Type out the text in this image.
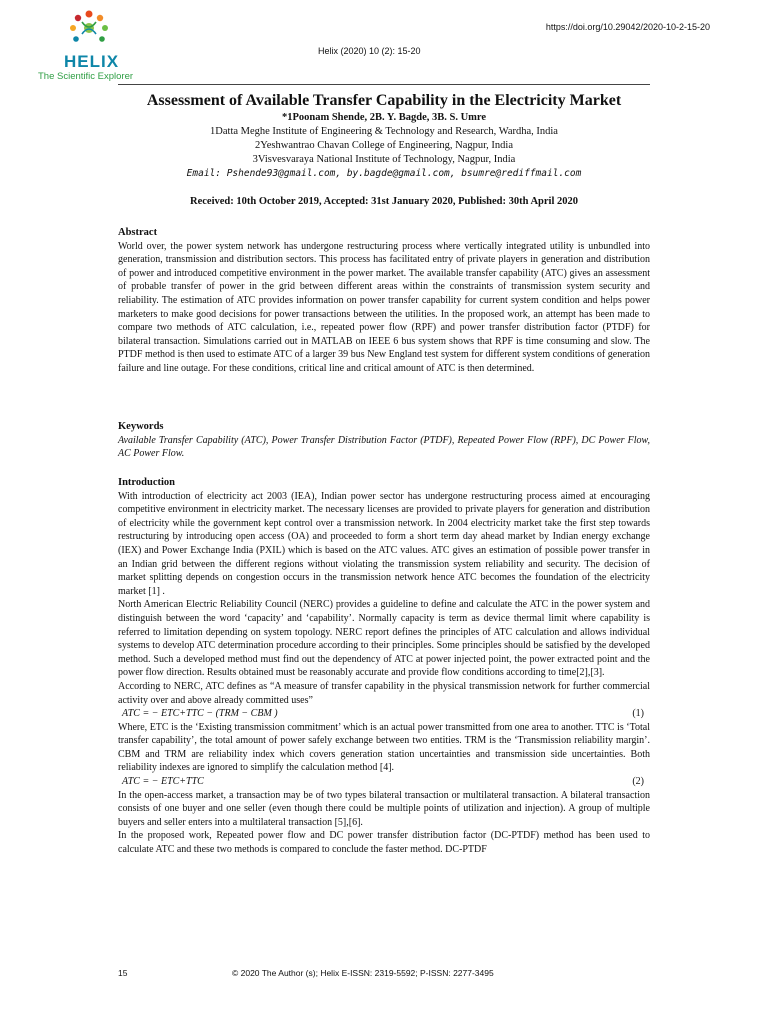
HELIX
The Scientific Explorer
https://doi.org/10.29042/2020-10-2-15-20
Helix (2020) 10 (2): 15-20
Assessment of Available Transfer Capability in the Electricity Market
*1Poonam Shende, 2B. Y. Bagde, 3B. S. Umre
1Datta Meghe Institute of Engineering & Technology and Research, Wardha, India
2Yeshwantrao Chavan College of Engineering, Nagpur, India
3Visvesvaraya National Institute of Technology, Nagpur, India
Email: Pshende93@gmail.com, by.bagde@gmail.com, bsumre@rediffmail.com
Received: 10th October 2019, Accepted: 31st January 2020, Published: 30th April 2020
Abstract

World over, the power system network has undergone restructuring process where vertically integrated utility is unbundled into generation, transmission and distribution sectors. This process has facilitated entry of private players in generation and distribution of power and introduced competitive environment in the power market. The available transfer capability (ATC) gives an assessment of probable transfer of power in the grid between different areas within the constraints of transmission system security and reliability. The estimation of ATC provides information on power transfer capability for current system condition and helps power marketers to make good decisions for power transactions between the utilities. In the proposed work, an attempt has been made to compare two methods of ATC calculation, i.e., repeated power flow (RPF) and power transfer distribution factor (PTDF) for bilateral transaction. Simulations carried out in MATLAB on IEEE 6 bus system shows that RPF is time consuming and slow. The PTDF method is then used to estimate ATC of a larger 39 bus New England test system for different system conditions of generation failure and line outage. For these conditions, critical line and critical amount of ATC is then determined.

Keywords

Available Transfer Capability (ATC), Power Transfer Distribution Factor (PTDF), Repeated Power Flow (RPF), DC Power Flow, AC Power Flow.

Introduction

With introduction of electricity act 2003 (IEA), Indian power sector has undergone restructuring process aimed at encouraging competitive environment in electricity market. The necessary licenses are provided to private players for generation and distribution of electricity while the government kept control over a transmission network. In 2004 electricity market take the first step towards restructuring by introducing open access (OA) and proceeded to form a short term day ahead market by Indian energy exchange (IEX) and Power Exchange India (PXIL) which is based on the ATC values. ATC gives an estimation of possible power transfer in an Indian grid between the different regions without violating the transmission system reliability and security. The decision of market splitting depends on congestion occurs in the transmission network hence ATC becomes the foundation of the electricity market [1] .

North American Electric Reliability Council (NERC) provides a guideline to define and calculate the ATC in the power system and distinguish between the word ‘capacity’ and ‘capability’. Normally capacity is term as device thermal limit where capability is referred to limitation depending on system topology. NERC report defines the principles of ATC calculation and allows individual systems to develop ATC determination procedure according to their principles. Some principles should be satisfied by the developed method. Such a developed method must find out the dependency of ATC at power injected point, the power extracted point and the power flow direction. Results obtained must be reasonably accurate and provide flow conditions according to time[2],[3].

According to NERC, ATC defines as “A measure of transfer capability in the physical transmission network for further commercial activity over and above already committed uses”

ATC = − ETC+TTC − (TRM − CBM )	(1)

Where, ETC is the ‘Existing transmission commitment’ which is an actual power transmitted from one area to another. TTC is ‘Total transfer capability’, the total amount of power safely exchange between two entities. TRM is the ‘Transmission reliability margin’. CBM and TRM are reliability index which covers generation station uncertainties and transmission side uncertainties. Both reliability indexes are ignored to simplify the calculation method [4].

ATC = − ETC+TTC	(2)

In the open-access market, a transaction may be of two types bilateral transaction or multilateral transaction. A bilateral transaction consists of one buyer and one seller (even though there could be multiple points of utilization and injection). A group of multiple buyers and seller enters into a multilateral transaction [5],[6].

In the proposed work, Repeated power flow and DC power transfer distribution factor (DC-PTDF) method has been used to calculate ATC and these two methods is compared to conclude the faster method. DC-PTDF

15	© 2020 The Author (s); Helix E-ISSN: 2319-5592; P-ISSN: 2277-3495
